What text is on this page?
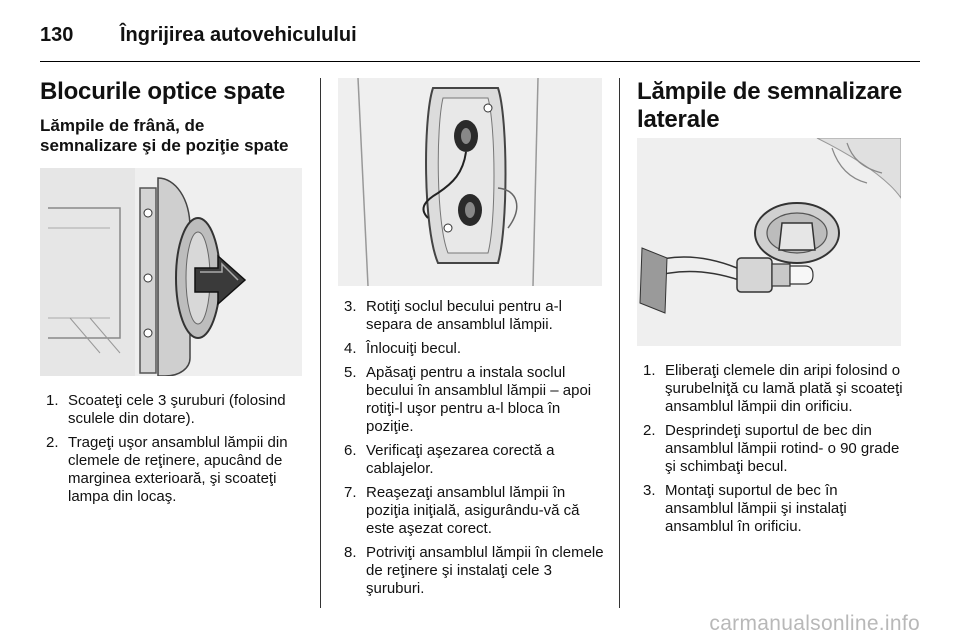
130 Îngrijirea autovehiculului
Blocurile optice spate
Lămpile de frână, de semnalizare şi de poziţie spate
1. Scoateţi cele 3 şuruburi (folosind sculele din dotare).
2. Trageţi uşor ansamblul lămpii din clemele de reţinere, apucând de marginea exterioară, şi scoateţi lampa din locaş.
3. Rotiţi soclul becului pentru a-l separa de ansamblul lămpii.
4. Înlocuiţi becul.
5. Apăsaţi pentru a instala soclul becului în ansamblul lămpii – apoi rotiţi-l uşor pentru a-l bloca în poziţie.
6. Verificaţi aşezarea corectă a cablajelor.
7. Reaşezaţi ansamblul lămpii în poziţia iniţială, asigurându-vă că este aşezat corect.
8. Potriviţi ansamblul lămpii în clemele de reţinere şi instalaţi cele 3 şuruburi.
Lămpile de semnalizare laterale
1. Eliberaţi clemele din aripi folosind o şurubelniţă cu lamă plată şi scoateţi ansamblul lămpii din orificiu.
2. Desprindeţi suportul de bec din ansamblul lămpii rotind- o 90 grade şi schimbaţi becul.
3. Montaţi suportul de bec în ansamblul lămpii şi instalaţi ansamblul în orificiu.
carmanualsonline.info
